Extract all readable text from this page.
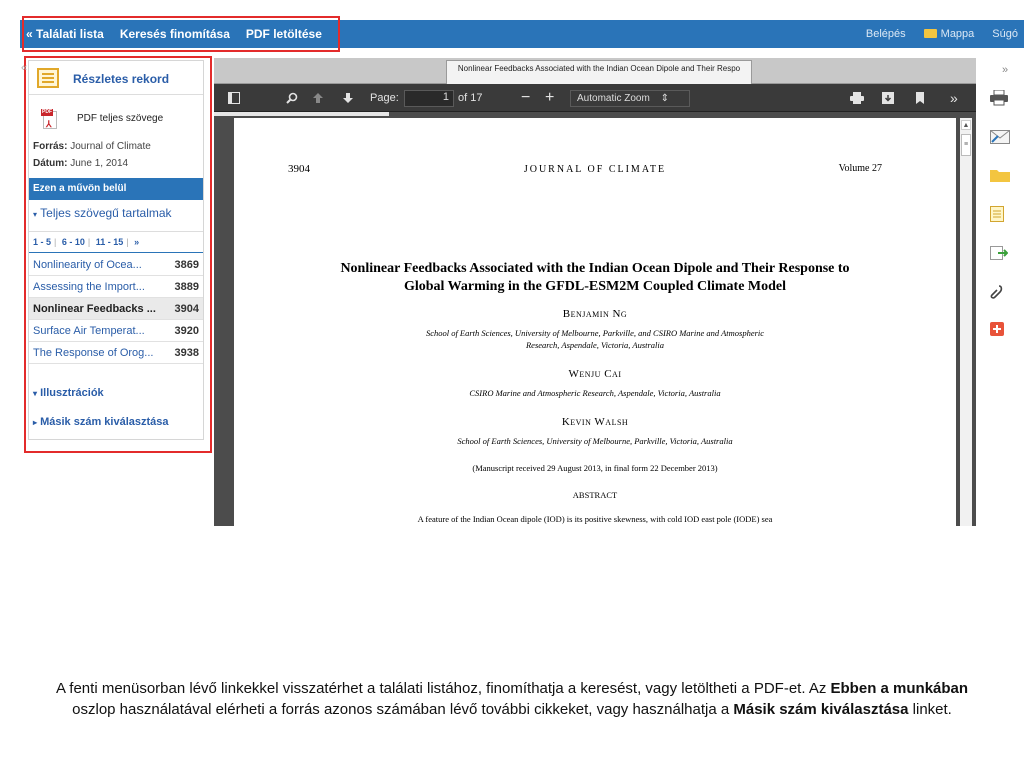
« Találati lista Keresés finomítása PDF letöltése	Belépés	Mappa Súgó
Részletes rekord
PDF
⅄	PDF teljes szövege
Forrás: Journal of Climate
Dátum: June 1, 2014
Ezen a művön belül
▾ Teljes szövegű tartalmak
1 - 5 | 6 - 10 | 11 - 15 | »
Nonlinearity of Ocea...	3869
Assessing the Import...	3889
Nonlinear Feedbacks ... 3904
Surface Air Temperat...	3920
The Response of Orog... 3938
▾ Illusztrációk
▸ Másik szám kiválasztása
«	Nonlinear Feedbacks Associated with the Indian Ocean Dipole and Their Respo
Page:	1 of 17 − +	Automatic Zoom ⇕	»
3904	JOURNAL OF CLIMATE	Volume 27
Nonlinear Feedbacks Associated with the Indian Ocean Dipole and Their Response to
Global Warming in the GFDL-ESM2M Coupled Climate Model
Benjamin Ng
School of Earth Sciences, University of Melbourne, Parkville, and CSIRO Marine and Atmospheric
Research, Aspendale, Victoria, Australia
Wenju Cai
CSIRO Marine and Atmospheric Research, Aspendale, Victoria, Australia
Kevin Walsh
School of Earth Sciences, University of Melbourne, Parkville, Victoria, Australia
(Manuscript received 29 August 2013, in final form 22 December 2013)
ABSTRACT
A feature of the Indian Ocean dipole (IOD) is its positive skewness, with cold IOD east pole (IODE) sea
▲
≡
»
A fenti menüsorban lévő linkekkel visszatérhet a találati listához, finomíthatja a keresést, vagy letöltheti a PDF-et. Az Ebben a munkában oszlop használatával elérheti a forrás azonos számában lévő további cikkeket, vagy használhatja a Másik szám kiválasztása linket.
